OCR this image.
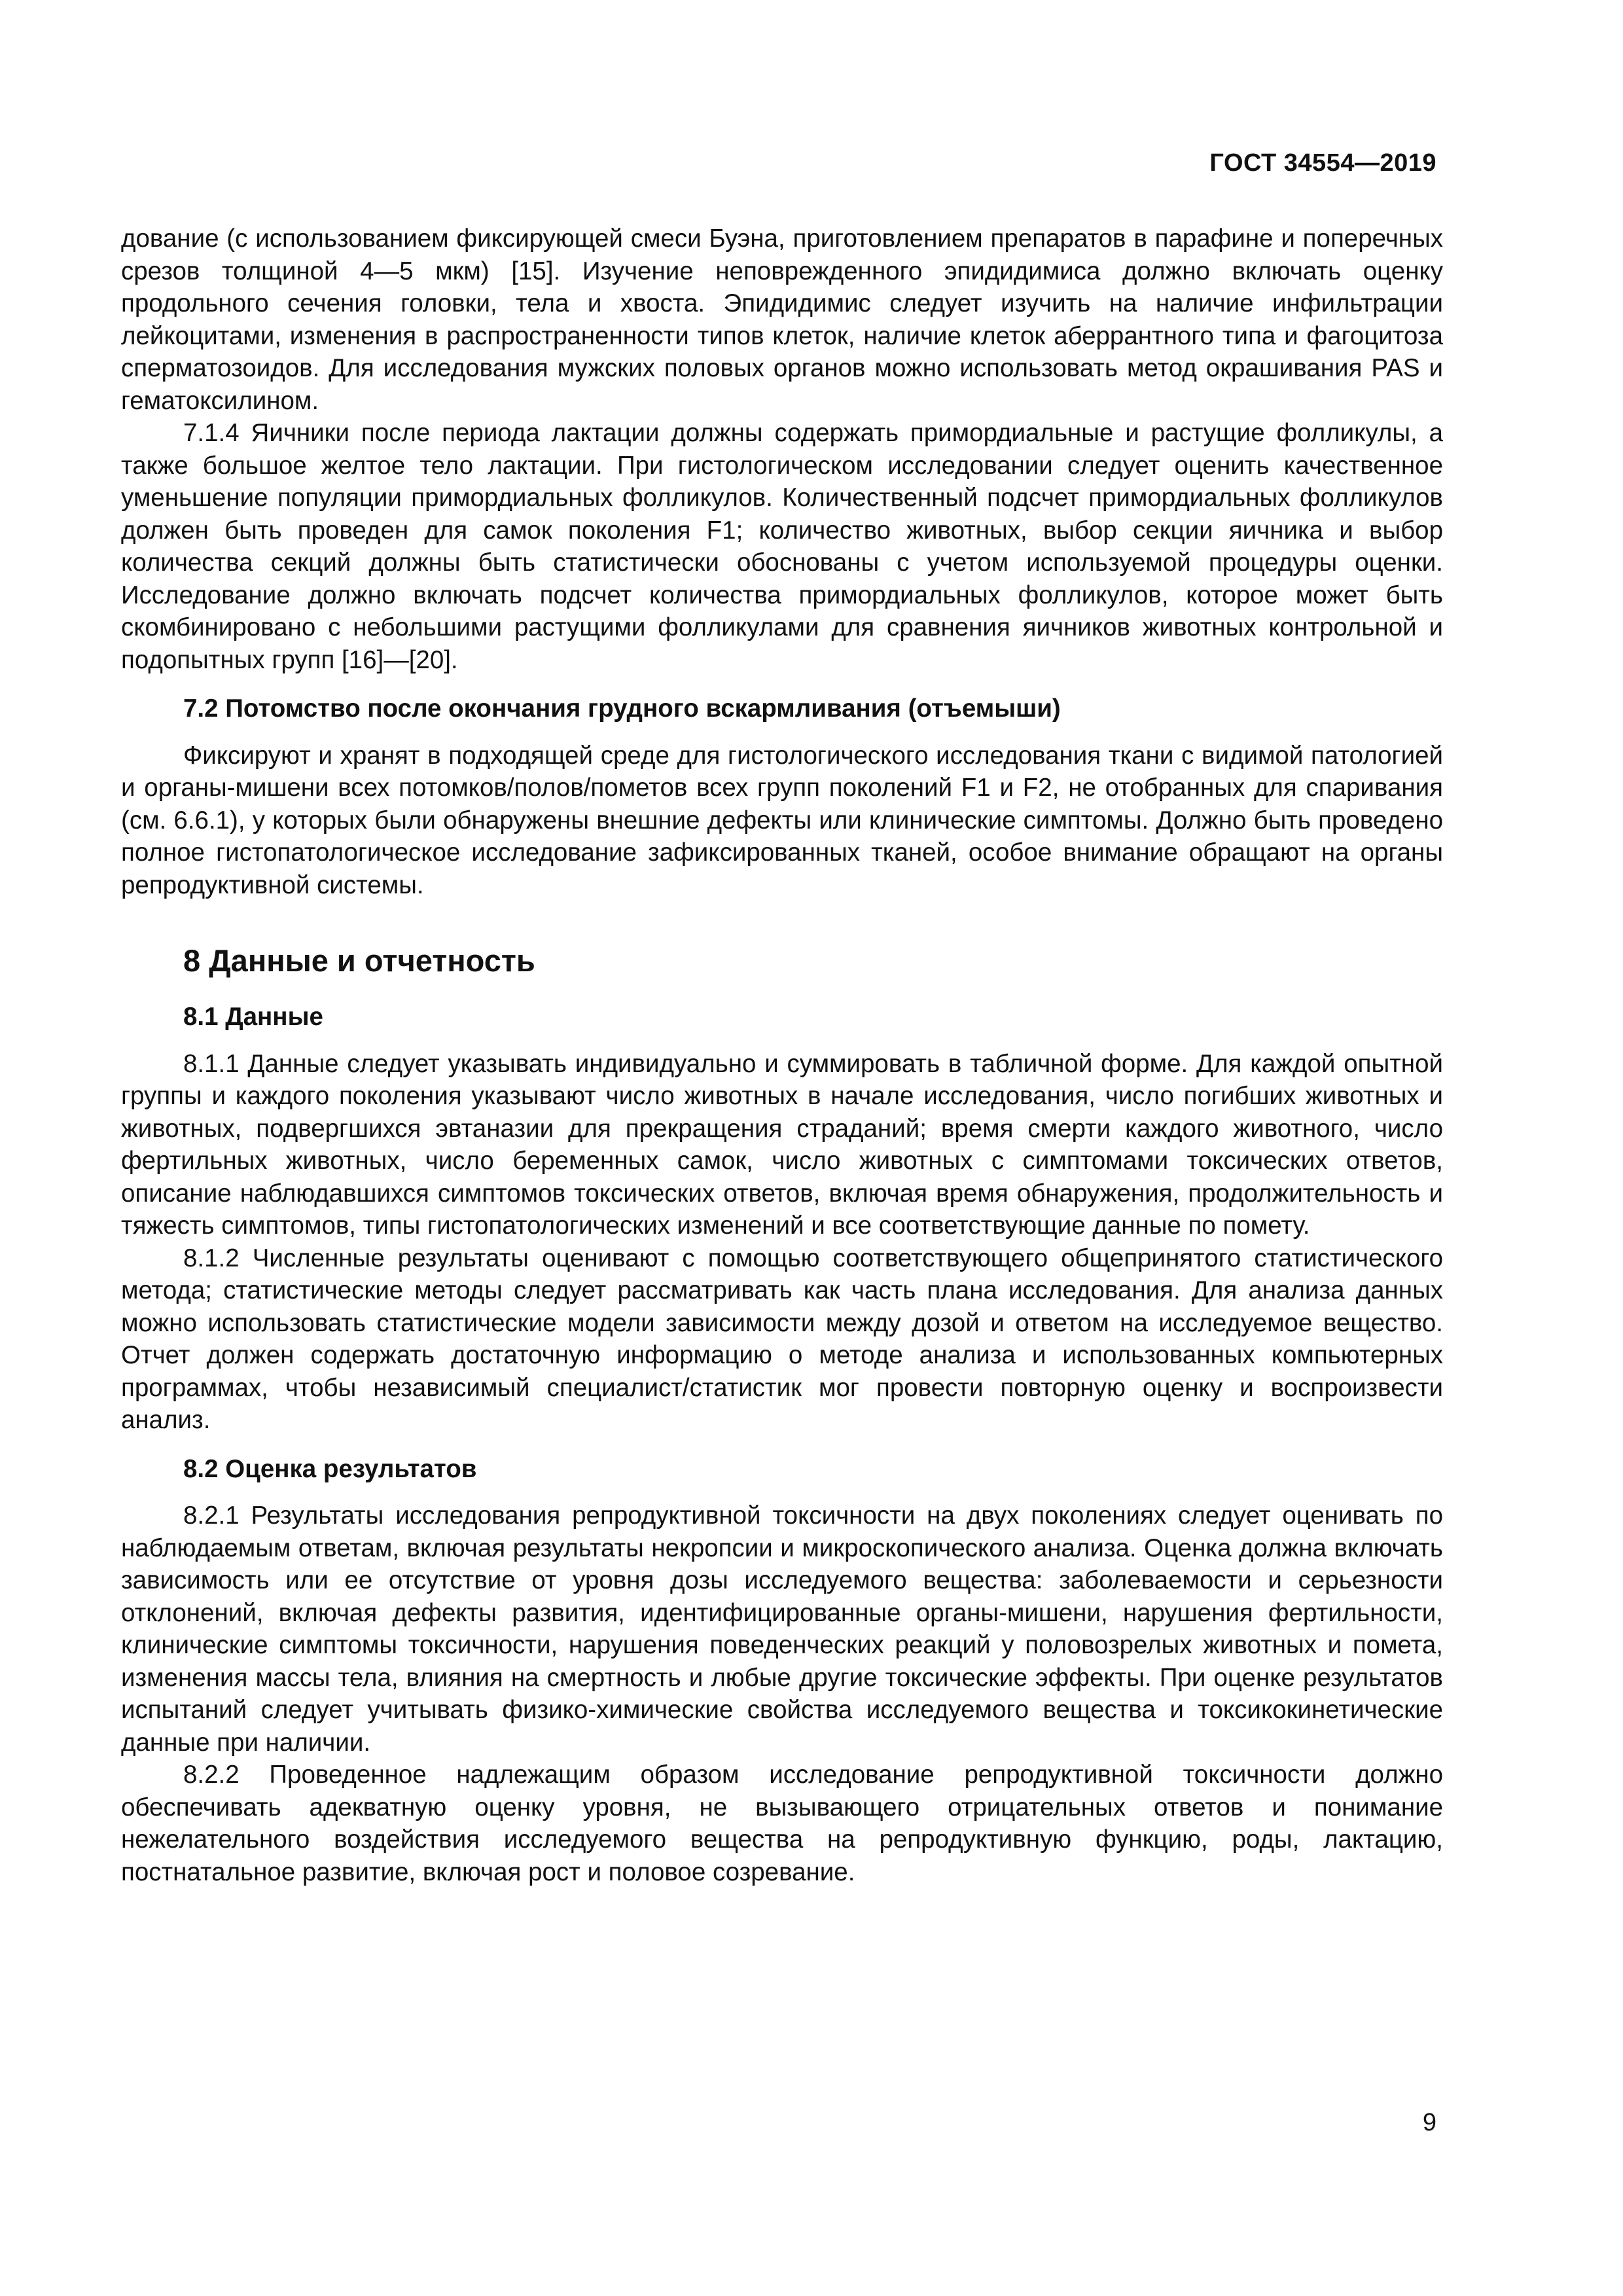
ГОСТ 34554—2019

дование (с использованием фиксирующей смеси Буэна, приготовлением препаратов в парафине и поперечных срезов толщиной 4—5 мкм) [15]. Изучение неповрежденного эпидидимиса должно включать оценку продольного сечения головки, тела и хвоста. Эпидидимис следует изучить на наличие инфильтрации лейкоцитами, изменения в распространенности типов клеток, наличие клеток аберрантного типа и фагоцитоза сперматозоидов. Для исследования мужских половых органов можно использовать метод окрашивания PAS и гематоксилином.

7.1.4 Яичники после периода лактации должны содержать примордиальные и растущие фолликулы, а также большое желтое тело лактации. При гистологическом исследовании следует оценить качественное уменьшение популяции примордиальных фолликулов. Количественный подсчет примордиальных фолликулов должен быть проведен для самок поколения F1; количество животных, выбор секции яичника и выбор количества секций должны быть статистически обоснованы с учетом используемой процедуры оценки. Исследование должно включать подсчет количества примордиальных фолликулов, которое может быть скомбинировано с небольшими растущими фолликулами для сравнения яичников животных контрольной и подопытных групп [16]—[20].

7.2 Потомство после окончания грудного вскармливания (отъемыши)

Фиксируют и хранят в подходящей среде для гистологического исследования ткани с видимой патологией и органы-мишени всех потомков/полов/пометов всех групп поколений F1 и F2, не отобранных для спаривания (см. 6.6.1), у которых были обнаружены внешние дефекты или клинические симптомы. Должно быть проведено полное гистопатологическое исследование зафиксированных тканей, особое внимание обращают на органы репродуктивной системы.

8 Данные и отчетность
8.1 Данные

8.1.1 Данные следует указывать индивидуально и суммировать в табличной форме. Для каждой опытной группы и каждого поколения указывают число животных в начале исследования, число погибших животных и животных, подвергшихся эвтаназии для прекращения страданий; время смерти каждого животного, число фертильных животных, число беременных самок, число животных с симптомами токсических ответов, описание наблюдавшихся симптомов токсических ответов, включая время обнаружения, продолжительность и тяжесть симптомов, типы гистопатологических изменений и все соответствующие данные по помету.

8.1.2 Численные результаты оценивают с помощью соответствующего общепринятого статистического метода; статистические методы следует рассматривать как часть плана исследования. Для анализа данных можно использовать статистические модели зависимости между дозой и ответом на исследуемое вещество. Отчет должен содержать достаточную информацию о методе анализа и использованных компьютерных программах, чтобы независимый специалист/статистик мог провести повторную оценку и воспроизвести анализ.

8.2 Оценка результатов

8.2.1 Результаты исследования репродуктивной токсичности на двух поколениях следует оценивать по наблюдаемым ответам, включая результаты некропсии и микроскопического анализа. Оценка должна включать зависимость или ее отсутствие от уровня дозы исследуемого вещества: заболеваемости и серьезности отклонений, включая дефекты развития, идентифицированные органы-мишени, нарушения фертильности, клинические симптомы токсичности, нарушения поведенческих реакций у половозрелых животных и помета, изменения массы тела, влияния на смертность и любые другие токсические эффекты. При оценке результатов испытаний следует учитывать физико-химические свойства исследуемого вещества и токсикокинетические данные при наличии.

8.2.2 Проведенное надлежащим образом исследование репродуктивной токсичности должно обеспечивать адекватную оценку уровня, не вызывающего отрицательных ответов и понимание нежелательного воздействия исследуемого вещества на репродуктивную функцию, роды, лактацию, постнатальное развитие, включая рост и половое созревание.

9
